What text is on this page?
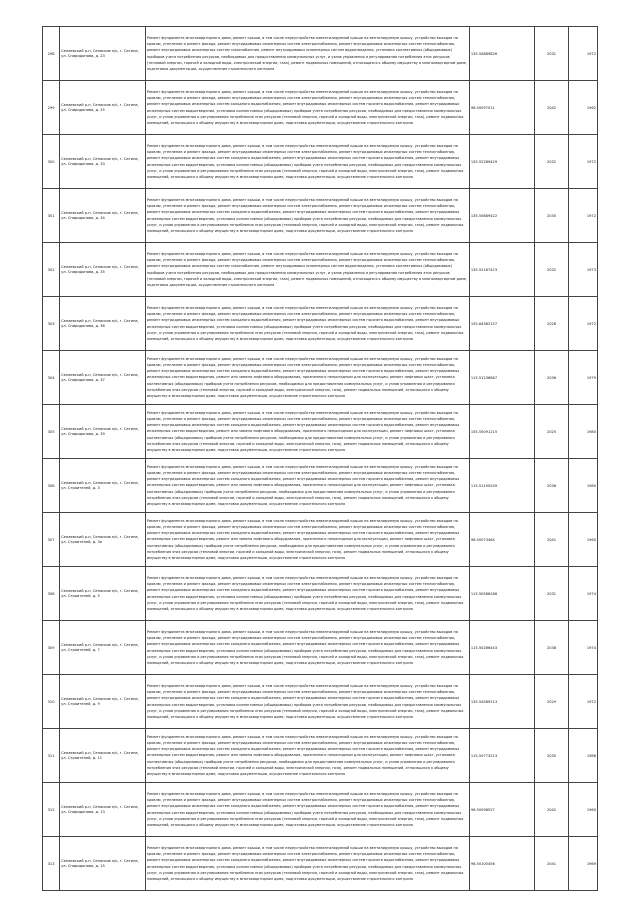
298	Сепаевский р-н, Сепасков п/ь, г. Сатина, ул. Спиридонова, д. 23	Ремонт фундамента многоквартирного дома, ремонт крыши, в том числе переустройство невентилируемой крыши на вентилируемую крышу, устройство выходов на кровлю, утепление и ремонт фасада, ремонт внутридомовых инженерных систем электроснабжения, ремонт внутридомовых инженерных систем теплоснабжения, ремонт внутридомовых инженерных систем газоснабжения, ремонт внутридомовых инженерных систем водоотведения, установка коллективных (общедомовых) приборов учета потребления ресурсов, необходимых для предоставления коммунальных услуг, и узлов управления и регулирования потребления этих ресурсов (тепловой энергии, горячей и холодной воды, электрической энергии, газа), ремонт подвальных помещений, относящихся к общему имуществу в многоквартирном доме, подготовка документации, осуществление строительного контроля	135.50889826	2031	1972
299	Сепаевский р-н, Сепасков п/ь, г. Сатина, ул. Спиридонова, д. 25	Ремонт фундамента многоквартирного дома, ремонт крыши, в том числе переустройство невентилируемой крыши на вентилируемую крышу, устройство выходов на кровлю, утепление и ремонт фасада, ремонт внутридомовых инженерных систем электроснабжения, ремонт внутридомовых инженерных систем теплоснабжения, ремонт внутридомовых инженерных систем холодного водоснабжения, ремонт внутридомовых инженерных систем горячего водоснабжения, ремонт внутридомовых инженерных систем водоотведения, установка коллективных (общедомовых) приборов учета потребления ресурсов, необходимых для предоставления коммунальных услуг, и узлов управления и регулирования потребления этих ресурсов (тепловой энергии, горячей и холодной воды, электрической энергии, газа), ремонт подвальных помещений, относящихся к общему имуществу в многоквартирном доме, подготовка документации, осуществление строительного контроля	96.50097011	2042	1962
300	Сепаевский р-н, Сепасков п/ь, г. Сатина, ул. Спиридонова, д. 33	Ремонт фундамента многоквартирного дома, ремонт крыши, в том числе переустройство невентилируемой крыши на вентилируемую крышу, устройство выходов на кровлю, утепление и ремонт фасада, ремонт внутридомовых инженерных систем электроснабжения, ремонт внутридомовых инженерных систем теплоснабжения, ремонт внутридомовых инженерных систем холодного водоснабжения, ремонт внутридомовых инженерных систем горячего водоснабжения, ремонт внутридомовых инженерных систем водоотведения, установка коллективных (общедомовых) приборов учета потребления ресурсов, необходимых для предоставления коммунальных услуг, и узлов управления и регулирования потребления этих ресурсов (тепловой энергии, горячей и холодной воды, электрической энергии, газа), ремонт подвальных помещений, относящихся к общему имуществу в многоквартирном доме, подготовка документации, осуществление строительного контроля	135.52289429	2032	1972
301	Сепаевский р-н, Сепасков п/ь, г. Сатина, ул. Спиридонова, д. 34	Ремонт фундамента многоквартирного дома, ремонт крыши, в том числе переустройство невентилируемой крыши на вентилируемую крышу, устройство выходов на кровлю, утепление и ремонт фасада, ремонт внутридомовых инженерных систем электроснабжения, ремонт внутридомовых инженерных систем теплоснабжения, ремонт внутридомовых инженерных систем холодного водоснабжения, ремонт внутридомовых инженерных систем горячего водоснабжения, ремонт внутридомовых инженерных систем водоотведения, установка коллективных (общедомовых) приборов учета потребления ресурсов, необходимых для предоставления коммунальных услуг, и узлов управления и регулирования потребления этих ресурсов (тепловой энергии, горячей и холодной воды, электрической энергии, газа), ремонт подвальных помещений, относящихся к общему имуществу в многоквартирном доме, подготовка документации, осуществление строительного контроля	135.50889422	2030	1972
302	Сепаевский р-н, Сепасков п/ь, г. Сатина, ул. Спиридонова, д. 35	Ремонт фундамента многоквартирного дома, ремонт крыши, в том числе переустройство невентилируемой крыши на вентилируемую крышу, устройство выходов на кровлю, утепление и ремонт фасада, ремонт внутридомовых инженерных систем электроснабжения, ремонт внутридомовых инженерных систем теплоснабжения, ремонт внутридомовых инженерных систем газоснабжения, ремонт внутридомовых инженерных систем водоотведения, установка коллективных (общедомовых) приборов учета потребления ресурсов, необходимых для предоставления коммунальных услуг, и узлов управления и регулирования потребления этих ресурсов (тепловой энергии, горячей и холодной воды, электрической энергии, газа), ремонт подвальных помещений, относящихся к общему имуществу в многоквартирном доме, подготовка документации, осуществление строительного контроля	135.52187423	2032	1973
303	Сепаевский р-н, Сепасков п/ь, г. Сатина, ул. Спиридонова, д. 36	Ремонт фундамента многоквартирного дома, ремонт крыши, в том числе переустройство невентилируемой крыши на вентилируемую крышу, устройство выходов на кровлю, утепление и ремонт фасада, ремонт внутридомовых инженерных систем электроснабжения, ремонт внутридомовых инженерных систем теплоснабжения, ремонт внутридомовых инженерных систем холодного водоснабжения, ремонт внутридомовых инженерных систем горячего водоснабжения, ремонт внутридомовых инженерных систем водоотведения, установка коллективных (общедомовых) приборов учета потребления ресурсов, необходимых для предоставления коммунальных услуг, и узлов управления и регулирования потребления этих ресурсов (тепловой энергии, горячей и холодной воды, электрической энергии, газа), ремонт подвальных помещений, относящихся к общему имуществу в многоквартирном доме, подготовка документации, осуществление строительного контроля	155.64382157	2026	1972
304	Сепаевский р-н, Сепасков п/ь, г. Сатина, ул. Спиридонова, д. 37	Ремонт фундамента многоквартирного дома, ремонт крыши, в том числе переустройство невентилируемой крыши на вентилируемую крышу, устройство выходов на кровлю, утепление и ремонт фасада, ремонт внутридомовых инженерных систем электроснабжения, ремонт внутридомовых инженерных систем теплоснабжения, ремонт внутридомовых инженерных систем холодного водоснабжения, ремонт внутридомовых инженерных систем горячего водоснабжения, ремонт внутридомовых инженерных систем водоотведения, ремонт или замена лифтового оборудования, признанного непригодным для эксплуатации, ремонт лифтовых шахт, установка коллективных (общедомовых) приборов учета потребления ресурсов, необходимых для предоставления коммунальных услуг, и узлов управления и регулирования потребления этих ресурсов (тепловой энергии, горячей и холодной воды, электрической энергии, газа), ремонт подвальных помещений, относящихся к общему имуществу в многоквартирном доме, подготовка документации, осуществление строительного контроля	115.51236667	2036	1979
305	Сепаевский р-н, Сепасков п/ь, г. Сатина, ул. Спиридонова, д. 39	Ремонт фундамента многоквартирного дома, ремонт крыши, в том числе переустройство невентилируемой крыши на вентилируемую крышу, устройство выходов на кровлю, утепление и ремонт фасада, ремонт внутридомовых инженерных систем электроснабжения, ремонт внутридомовых инженерных систем теплоснабжения, ремонт внутридомовых инженерных систем холодного водоснабжения, ремонт внутридомовых инженерных систем горячего водоснабжения, ремонт внутридомовых инженерных систем водоотведения, ремонт или замена лифтового оборудования, признанного непригодным для эксплуатации, ремонт лифтовых шахт, установка коллективных (общедомовых) приборов учета потребления ресурсов, необходимых для предоставления коммунальных услуг, и узлов управления и регулирования потребления этих ресурсов (тепловой энергии, горячей и холодной воды, электрической энергии, газа), ремонт подвальных помещений, относящихся к общему имуществу в многоквартирном доме, подготовка документации, осуществление строительного контроля	155.55091215	2025	1980
306	Сепаевский р-н, Сепасков п/ь, г. Сатина, ул. Строителей, д. 3	Ремонт фундамента многоквартирного дома, ремонт крыши, в том числе переустройство невентилируемой крыши на вентилируемую крышу, устройство выходов на кровлю, утепление и ремонт фасада, ремонт внутридомовых инженерных систем электроснабжения, ремонт внутридомовых инженерных систем теплоснабжения, ремонт внутридомовых инженерных систем холодного водоснабжения, ремонт внутридомовых инженерных систем горячего водоснабжения, ремонт внутридомовых инженерных систем водоотведения, ремонт или замена лифтового оборудования, признанного непригодным для эксплуатации, ремонт лифтовых шахт, установка коллективных (общедомовых) приборов учета потребления ресурсов, необходимых для предоставления коммунальных услуг, и узлов управления и регулирования потребления этих ресурсов (тепловой энергии, горячей и холодной воды, электрической энергии, газа), ремонт подвальных помещений, относящихся к общему имуществу в многоквартирном доме, подготовка документации, осуществление строительного контроля	115.51190209	2036	1980
307	Сепаевский р-н, Сепасков п/ь, г. Сатина, ул. Строителей, д. 3а	Ремонт фундамента многоквартирного дома, ремонт крыши, в том числе переустройство невентилируемой крыши на вентилируемую крышу, устройство выходов на кровлю, утепление и ремонт фасада, ремонт внутридомовых инженерных систем электроснабжения, ремонт внутридомовых инженерных систем теплоснабжения, ремонт внутридомовых инженерных систем холодного водоснабжения, ремонт внутридомовых инженерных систем горячего водоснабжения, ремонт внутридомовых инженерных систем водоотведения, ремонт или замена лифтового оборудования, признанного непригодным для эксплуатации, ремонт лифтовых шахт, установка коллективных (общедомовых) приборов учета потребления ресурсов, необходимых для предоставления коммунальных услуг, и узлов управления и регулирования потребления этих ресурсов (тепловой энергии, горячей и холодной воды, электрической энергии, газа), ремонт подвальных помещений, относящихся к общему имуществу в многоквартирном доме, подготовка документации, осуществление строительного контроля	96.50073464	2041	1960
308	Сепаевский р-н, Сепасков п/ь, г. Сатина, ул. Строителей, д. 5	Ремонт фундамента многоквартирного дома, ремонт крыши, в том числе переустройство невентилируемой крыши на вентилируемую крышу, устройство выходов на кровлю, утепление и ремонт фасада, ремонт внутридомовых инженерных систем электроснабжения, ремонт внутридомовых инженерных систем теплоснабжения, ремонт внутридомовых инженерных систем холодного водоснабжения, ремонт внутридомовых инженерных систем горячего водоснабжения, ремонт внутридомовых инженерных систем водоотведения, установка коллективных (общедомовых) приборов учета потребления ресурсов, необходимых для предоставления коммунальных услуг, и узлов управления и регулирования потребления этих ресурсов (тепловой энергии, горячей и холодной воды, электрической энергии, газа), ремонт подвальных помещений, относящихся к общему имуществу в многоквартирном доме, подготовка документации, осуществление строительного контроля	115.50586286	2031	1974
309	Сепаевский р-н, Сепасков п/ь, г. Сатина, ул. Строителей, д. 7	Ремонт фундамента многоквартирного дома, ремонт крыши, в том числе переустройство невентилируемой крыши на вентилируемую крышу, устройство выходов на кровлю, утепление и ремонт фасада, ремонт внутридомовых инженерных систем электроснабжения, ремонт внутридомовых инженерных систем теплоснабжения, ремонт внутридомовых инженерных систем холодного водоснабжения, ремонт внутридомовых инженерных систем горячего водоснабжения, ремонт внутридомовых инженерных систем водоотведения, установка коллективных (общедомовых) приборов учета потребления ресурсов, необходимых для предоставления коммунальных услуг, и узлов управления и регулирования потребления этих ресурсов (тепловой энергии, горячей и холодной воды, электрической энергии, газа), ремонт подвальных помещений, относящихся к общему имуществу в многоквартирном доме, подготовка документации, осуществление строительного контроля	115.50286443	2038	1974
310	Сепаевский р-н, Сепасков п/ь, г. Сатина, ул. Строителей, д. 9	Ремонт фундамента многоквартирного дома, ремонт крыши, в том числе переустройство невентилируемой крыши на вентилируемую крышу, устройство выходов на кровлю, утепление и ремонт фасада, ремонт внутридомовых инженерных систем электроснабжения, ремонт внутридомовых инженерных систем теплоснабжения, ремонт внутридомовых инженерных систем холодного водоснабжения, ремонт внутридомовых инженерных систем горячего водоснабжения, ремонт внутридомовых инженерных систем водоотведения, установка коллективных (общедомовых) приборов учета потребления ресурсов, необходимых для предоставления коммунальных услуг, и узлов управления и регулирования потребления этих ресурсов (тепловой энергии, горячей и холодной воды, электрической энергии, газа), ремонт подвальных помещений, относящихся к общему имуществу в многоквартирном доме, подготовка документации, осуществление строительного контроля	135.54589213	2029	1972
311	Сепаевский р-н, Сепасков п/ь, г. Сатина, ул. Строителей, д. 11	Ремонт фундамента многоквартирного дома, ремонт крыши, в том числе переустройство невентилируемой крыши на вентилируемую крышу, устройство выходов на кровлю, утепление и ремонт фасада, ремонт внутридомовых инженерных систем электроснабжения, ремонт внутридомовых инженерных систем теплоснабжения, ремонт внутридомовых инженерных систем холодного водоснабжения, ремонт внутридомовых инженерных систем горячего водоснабжения, ремонт внутридомовых инженерных систем водоотведения, ремонт или замена лифтового оборудования, признанного непригодным для эксплуатации, ремонт лифтовых шахт, установка коллективных (общедомовых) приборов учета потребления ресурсов, необходимых для предоставления коммунальных услуг, и узлов управления и регулирования потребления этих ресурсов (тепловой энергии, горячей и холодной воды, электрической энергии, газа), ремонт подвальных помещений, относящихся к общему имуществу в многоквартирном доме, подготовка документации, осуществление строительного контроля	115.50773213	2035	1986
312	Сепаевский р-н, Сепасков п/ь, г. Сатина, ул. Спиридонова, д. 13	Ремонт фундамента многоквартирного дома, ремонт крыши, в том числе переустройство невентилируемой крыши на вентилируемую крышу, устройство выходов на кровлю, утепление и ремонт фасада, ремонт внутридомовых инженерных систем электроснабжения, ремонт внутридомовых инженерных систем теплоснабжения, ремонт внутридомовых инженерных систем холодного водоснабжения, ремонт внутридомовых инженерных систем горячего водоснабжения, ремонт внутридомовых инженерных систем водоотведения, установка коллективных (общедомовых) приборов учета потребления ресурсов, необходимых для предоставления коммунальных услуг, и узлов управления и регулирования потребления этих ресурсов (тепловой энергии, горячей и холодной воды, электрической энергии, газа), ремонт подвальных помещений, относящихся к общему имуществу в многоквартирном доме, подготовка документации, осуществление строительного контроля	96.50098527	2042	1960
313	Сепаевский р-н, Сепасков п/ь, г. Сатина, ул. Спиридонова, д. 15	Ремонт фундамента многоквартирного дома, ремонт крыши, в том числе переустройство невентилируемой крыши на вентилируемую крышу, устройство выходов на кровлю, утепление и ремонт фасада, ремонт внутридомовых инженерных систем электроснабжения, ремонт внутридомовых инженерных систем теплоснабжения, ремонт внутридомовых инженерных систем холодного водоснабжения, ремонт внутридомовых инженерных систем горячего водоснабжения, ремонт внутридомовых инженерных систем водоотведения, установка коллективных (общедомовых) приборов учета потребления ресурсов, необходимых для предоставления коммунальных услуг, и узлов управления и регулирования потребления этих ресурсов (тепловой энергии, горячей и холодной воды, электрической энергии, газа), ремонт подвальных помещений, относящихся к общему имуществу в многоквартирном доме, подготовка документации, осуществление строительного контроля	96.50100456	2041	1969
